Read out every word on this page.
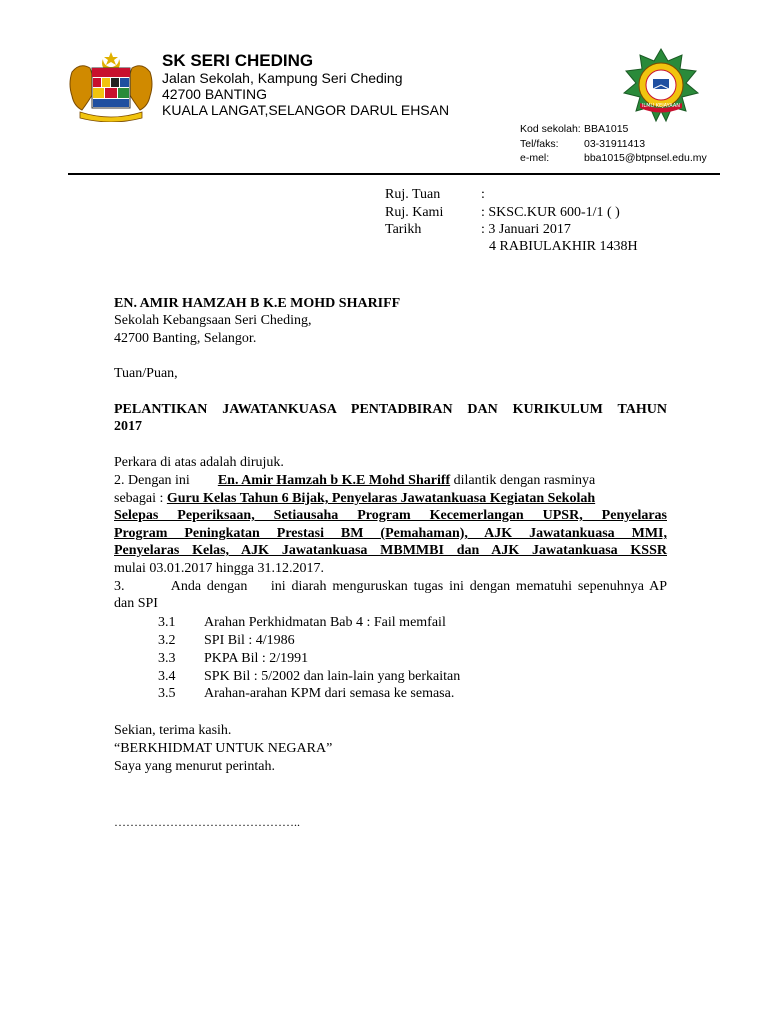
SK SERI CHEDING
Jalan Sekolah, Kampung Seri Cheding
42700 BANTING
KUALA LANGAT,SELANGOR DARUL EHSAN	ILMU KEJAYAAN
Kod sekolah: BBA1015
Tel/faks: 03-31911413
e-mel:	bba1015@btpnsel.edu.my
Ruj. Tuan	:
Ruj. Kami	: SKSC.KUR 600-1/1 ( )
Tarikh	: 3 Januari 2017
4 RABIULAKHIR 1438H
EN. AMIR HAMZAH B K.E MOHD SHARIFF
Sekolah Kebangsaan Seri Cheding,
42700 Banting, Selangor.
Tuan/Puan,
PELANTIKAN JAWATANKUASA PENTADBIRAN DAN KURIKULUM TAHUN
2017
Perkara di atas adalah dirujuk.
2. Dengan ini En. Amir Hamzah b K.E Mohd Shariff dilantik dengan rasminya
sebagai : Guru Kelas Tahun 6 Bijak, Penyelaras Jawatankuasa Kegiatan Sekolah
Selepas Peperiksaan, Setiausaha Program Kecemerlangan UPSR, Penyelaras
Program Peningkatan Prestasi BM (Pemahaman), AJK Jawatankuasa MMI,
Penyelaras Kelas, AJK Jawatankuasa MBMMBI dan AJK Jawatankuasa KSSR
mulai 03.01.2017 hingga 31.12.2017.
3.        Anda dengan    ini diarah menguruskan tugas ini dengan mematuhi sepenuhnya AP
dan SPI
3.1 Arahan Perkhidmatan Bab 4 : Fail memfail
3.2 SPI Bil : 4/1986
3.3 PKPA Bil : 2/1991
3.4 SPK Bil : 5/2002 dan lain-lain yang berkaitan
3.5 Arahan-arahan KPM dari semasa ke semasa.
Sekian, terima kasih.
“BERKHIDMAT UNTUK NEGARA”
Saya yang menurut perintah.
………………………………………..
